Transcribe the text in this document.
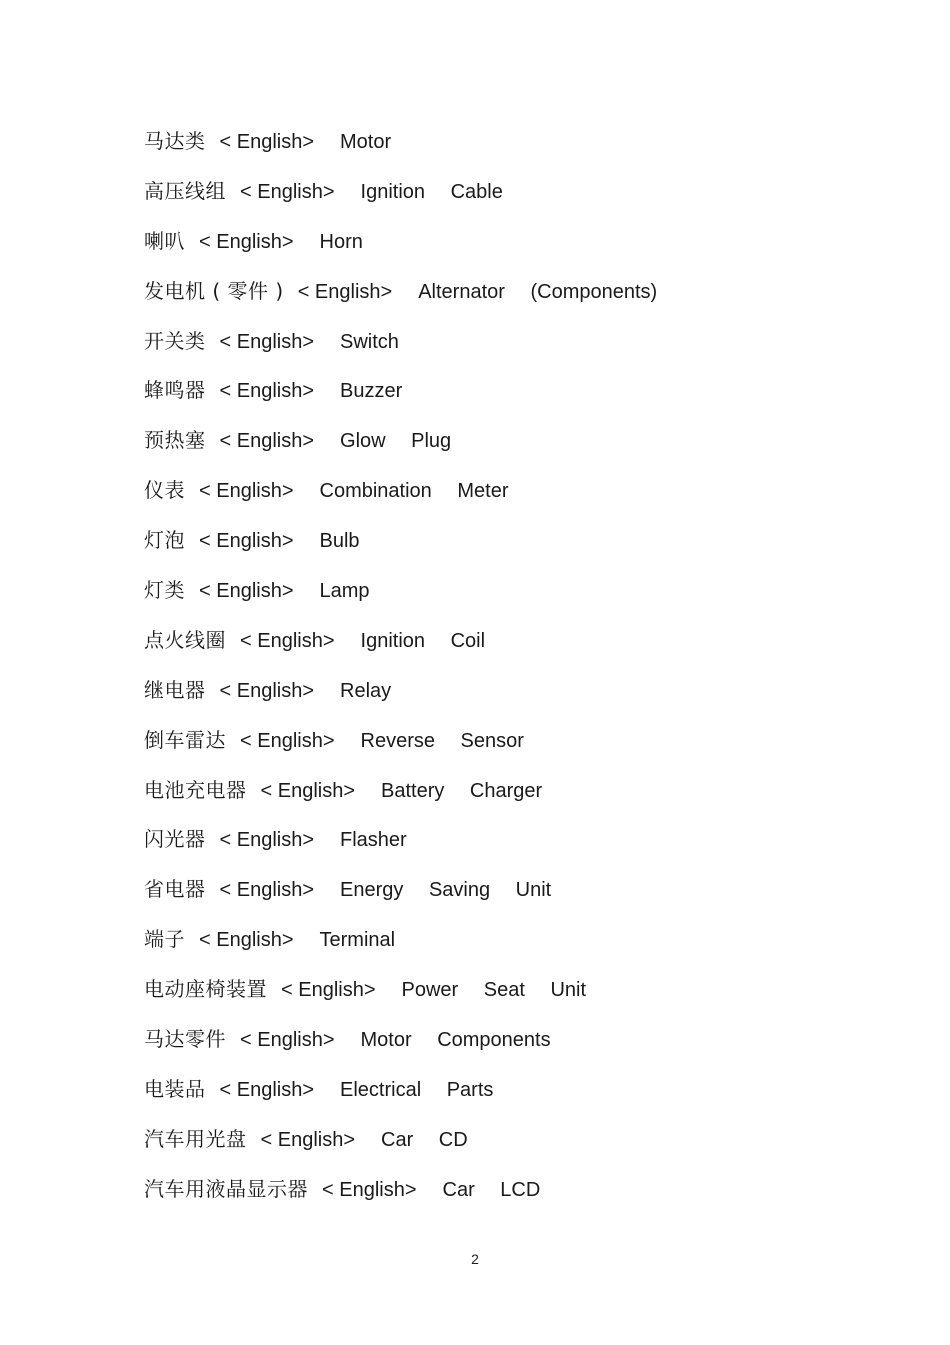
马达类 < English> Motor
高压线组 < English> Ignition Cable
喇叭 < English> Horn
发电机 ( 零件 ) < English> Alternator (Components)
开关类 < English> Switch
蜂鸣器 < English> Buzzer
预热塞 < English> Glow Plug
仪表 < English> Combination Meter
灯泡 < English> Bulb
灯类 < English> Lamp
点火线圈 < English> Ignition Coil
继电器 < English> Relay
倒车雷达 < English> Reverse Sensor
电池充电器 < English> Battery Charger
闪光器 < English> Flasher
省电器 < English> Energy Saving Unit
端子 < English> Terminal
电动座椅装置 < English> Power Seat Unit
马达零件 < English> Motor Components
电装品 < English> Electrical Parts
汽车用光盘 < English> Car CD
汽车用液晶显示器 < English> Car LCD
2
